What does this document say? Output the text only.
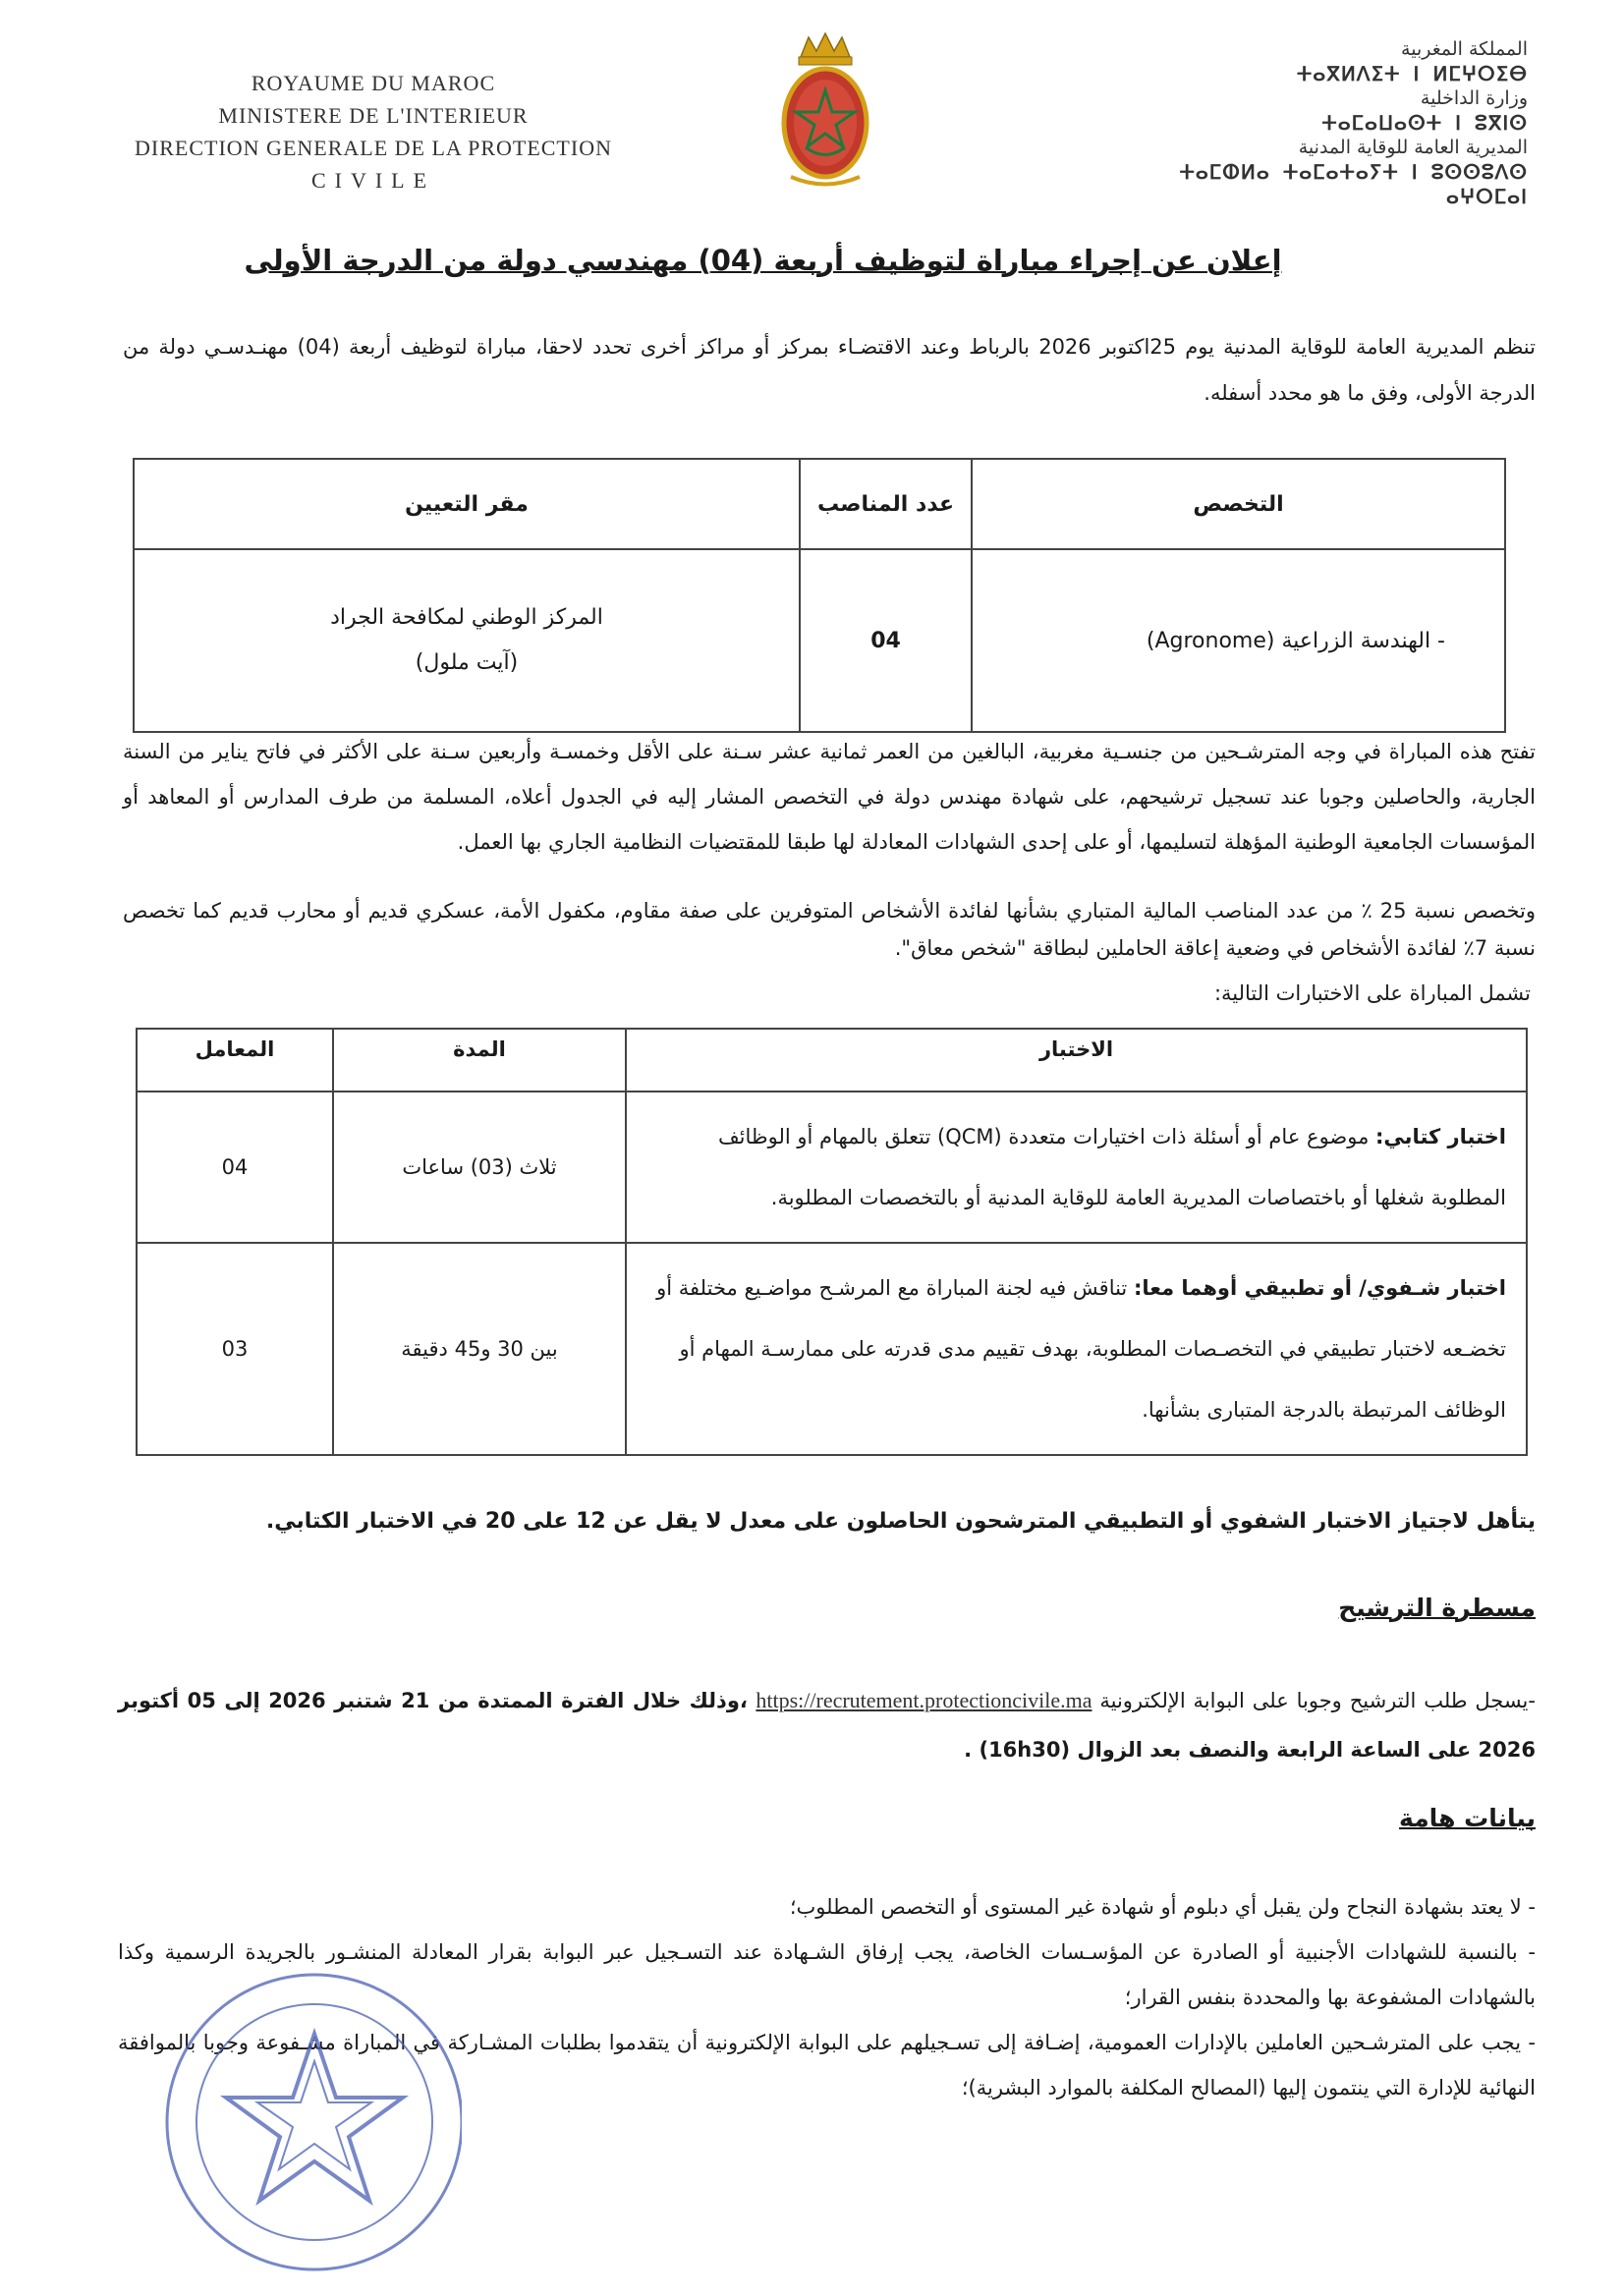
ROYAUME DU MAROC
MINISTERE DE L'INTERIEUR
DIRECTION GENERALE DE LA PROTECTION
CIVILE
المملكة المغربية
ⵜⴰⴳⵍⴷⵉⵜ ⵏ ⵍⵎⵖⵔⵉⴱ
وزارة الداخلية
ⵜⴰⵎⴰⵡⴰⵙⵜ ⵏ ⵓⴳⵏⵙ
المديرية العامة للوقاية المدنية
ⵜⴰⵎⵀⵍⴰ ⵜⴰⵎⴰⵜⴰⵢⵜ ⵏ ⵓⵙⵙⵓⴷⵙ ⴰⵖⵔⵎⴰⵏ
إعلان عن إجراء مباراة لتوظيف أربعة (04) مهندسي دولة من الدرجة الأولى
تنظم المديرية العامة للوقاية المدنية يوم 25اكتوبر 2026 بالرباط وعند الاقتضـاء بمركز أو مراكز أخرى تحدد لاحقا، مباراة لتوظيف أربعة (04) مهنـدسـي دولة من الدرجة الأولى، وفق ما هو محدد أسفله.
التخصص	عدد المناصب	مقر التعيين
- الهندسة الزراعية (Agronome)	04	المركز الوطني لمكافحة الجراد
(آيت ملول)
تفتح هذه المباراة في وجه المترشـحين من جنسـية مغربية، البالغين من العمر ثمانية عشر سـنة على الأقل وخمسـة وأربعين سـنة على الأكثر في فاتح يناير من السنة الجارية، والحاصلين وجوبا عند تسجيل ترشيحهم، على شهادة مهندس دولة في التخصص المشار إليه في الجدول أعلاه، المسلمة من طرف المدارس أو المعاهد أو المؤسسات الجامعية الوطنية المؤهلة لتسليمها، أو على إحدى الشهادات المعادلة لها طبقا للمقتضيات النظامية الجاري بها العمل.
وتخصص نسبة 25 ٪ من عدد المناصب المالية المتباري بشأنها لفائدة الأشخاص المتوفرين على صفة مقاوم، مكفول الأمة، عسكري قديم أو محارب قديم كما تخصص نسبة 7٪ لفائدة الأشخاص في وضعية إعاقة الحاملين لبطاقة "شخص معاق".
تشمل المباراة على الاختبارات التالية:
الاختبار	المدة	المعامل
اختبار كتابي: موضوع عام أو أسئلة ذات اختيارات متعددة (QCM) تتعلق بالمهام أو الوظائف المطلوبة شغلها أو باختصاصات المديرية العامة للوقاية المدنية أو بالتخصصات المطلوبة.	ثلاث (03) ساعات	04
اختبار شـفوي/ أو تطبيقي أوهما معا: تناقش فيه لجنة المباراة مع المرشـح مواضـيع مختلفة أو تخضـعه لاختبار تطبيقي في التخصـصات المطلوبة، بهدف تقييم مدى قدرته على ممارسـة المهام أو الوظائف المرتبطة بالدرجة المتبارى بشأنها.	بين 30 و45 دقيقة	03
يتأهل لاجتياز الاختبار الشفوي أو التطبيقي المترشحون الحاصلون على معدل لا يقل عن 12 على 20 في الاختبار الكتابي.
مسطرة الترشيح
-يسجل طلب الترشيح وجوبا على البوابة الإلكترونية https://recrutement.protectioncivile.ma ،وذلك خلال الفترة الممتدة من 21 شتنبر 2026 إلى 05 أكتوبر 2026 على الساعة الرابعة والنصف بعد الزوال (16h30) .
بيانات هامة
- لا يعتد بشهادة النجاح ولن يقبل أي دبلوم أو شهادة غير المستوى أو التخصص المطلوب؛
- بالنسبة للشهادات الأجنبية أو الصادرة عن المؤسـسات الخاصة، يجب إرفاق الشـهادة عند التسـجيل عبر البوابة بقرار المعادلة المنشـور بالجريدة الرسمية وكذا بالشهادات المشفوعة بها والمحددة بنفس القرار؛
- يجب على المترشـحين العاملين بالإدارات العمومية، إضـافة إلى تسـجيلهم على البوابة الإلكترونية أن يتقدموا بطلبات المشـاركة في المباراة مشـفوعة وجوبا بالموافقة النهائية للإدارة التي ينتمون إليها (المصالح المكلفة بالموارد البشرية)؛
